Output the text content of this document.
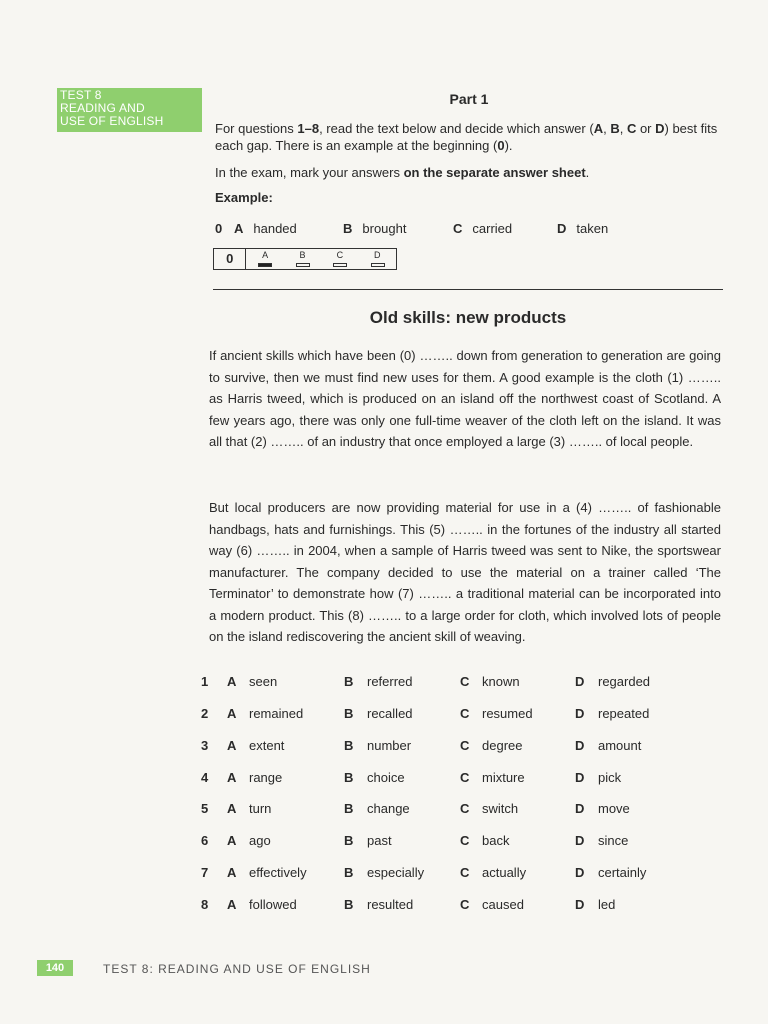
TEST 8
READING AND
USE OF ENGLISH
Part 1
For questions 1–8, read the text below and decide which answer (A, B, C or D) best fits each gap. There is an example at the beginning (0).
In the exam, mark your answers on the separate answer sheet.
Example:
0 A handed	B brought	C carried	D taken
0	A	B	C	D
Old skills: new products
If ancient skills which have been (0) …….. down from generation to generation are going to survive, then we must find new uses for them. A good example is the cloth (1) …….. as Harris tweed, which is produced on an island off the northwest coast of Scotland. A few years ago, there was only one full-time weaver of the cloth left on the island. It was all that (2) …….. of an industry that once employed a large (3) …….. of local people.
But local producers are now providing material for use in a (4) …….. of fashionable handbags, hats and furnishings. This (5) …….. in the fortunes of the industry all started way (6) …….. in 2004, when a sample of Harris tweed was sent to Nike, the sportswear manufacturer. The company decided to use the material on a trainer called ‘The Terminator’ to demonstrate how (7) …….. a traditional material can be incorporated into a modern product. This (8) …….. to a large order for cloth, which involved lots of people on the island rediscovering the ancient skill of weaving.
1 A seen	B referred	C known	D regarded
2 A remained	B recalled	C resumed	D repeated
3 A extent	B number	C degree	D amount
4 A range	B choice	C mixture	D pick
5 A turn	B change	C switch	D move
6 A ago	B past	C back	D since
7 A effectively	B especially	C actually	D certainly
8 A followed	B resulted	C caused	D led
140	TEST 8: READING AND USE OF ENGLISH
